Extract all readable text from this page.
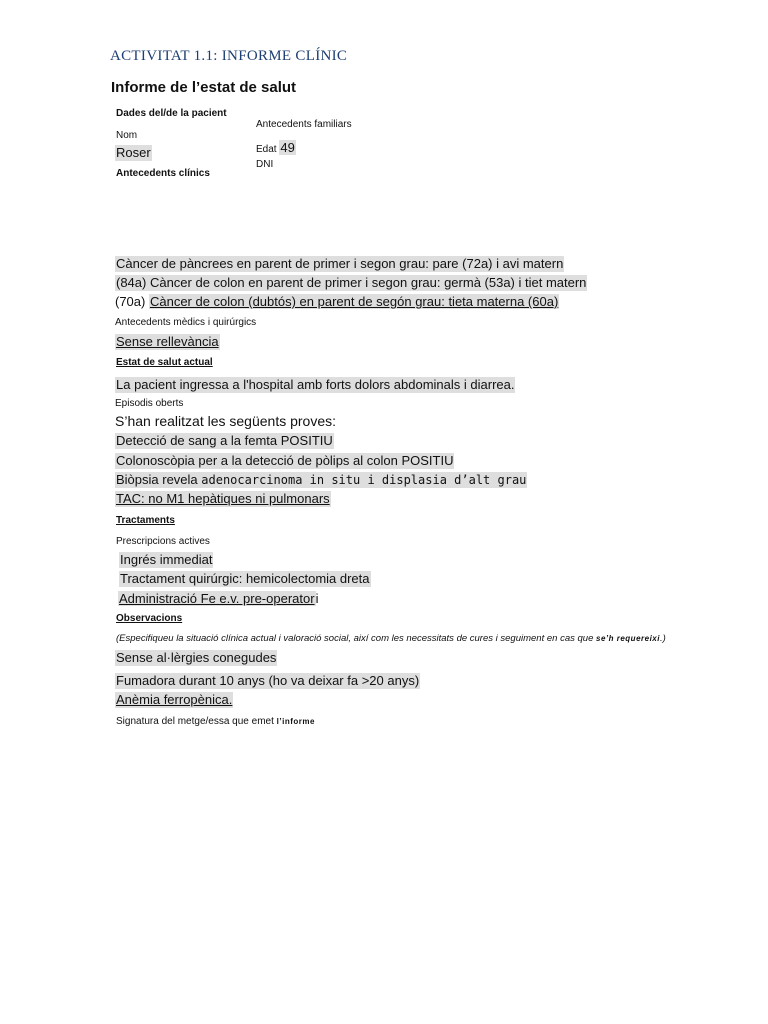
ACTIVITAT 1.1: INFORME CLÍNIC
Informe de l’estat de salut
Dades del/de la pacient
Antecedents familiars
Nom
Edat 49
Roser
DNI
Antecedents clínics
Càncer de pàncrees en parent de primer i segon grau: pare (72a) i avi matern
(84a) Càncer de colon en parent de primer i segon grau: germà (53a) i tiet matern
(70a) Càncer de colon (dubtós) en parent de segón grau: tieta materna (60a)
Antecedents mèdics i quirúrgics
Sense rellevància
Estat de salut actual
La pacient ingressa a l'hospital amb forts dolors abdominals i diarrea.
Episodis oberts
S’han realitzat les següents proves:
Detecció de sang a la femta POSITIU
Colonoscòpia per a la detecció de pòlips al colon POSITIU
Biòpsia revela adenocarcinoma in situ i displasia d’alt grau
TAC: no M1 hepàtiques ni pulmonars
Tractaments
Prescripcions actives
Ingrés immediat
Tractament quirúrgic: hemicolectomia dreta
Administració Fe e.v. pre-operatori
Observacions
(Especifiqueu la situació clínica actual i valoració social, així com les necessitats de cures i seguiment en cas que se’h requereixi.)
Sense al·lèrgies conegudes
Fumadora durant 10 anys (ho va deixar fa >20 anys)
Anèmia ferropènica.
Signatura del metge/essa que emet l’informe
